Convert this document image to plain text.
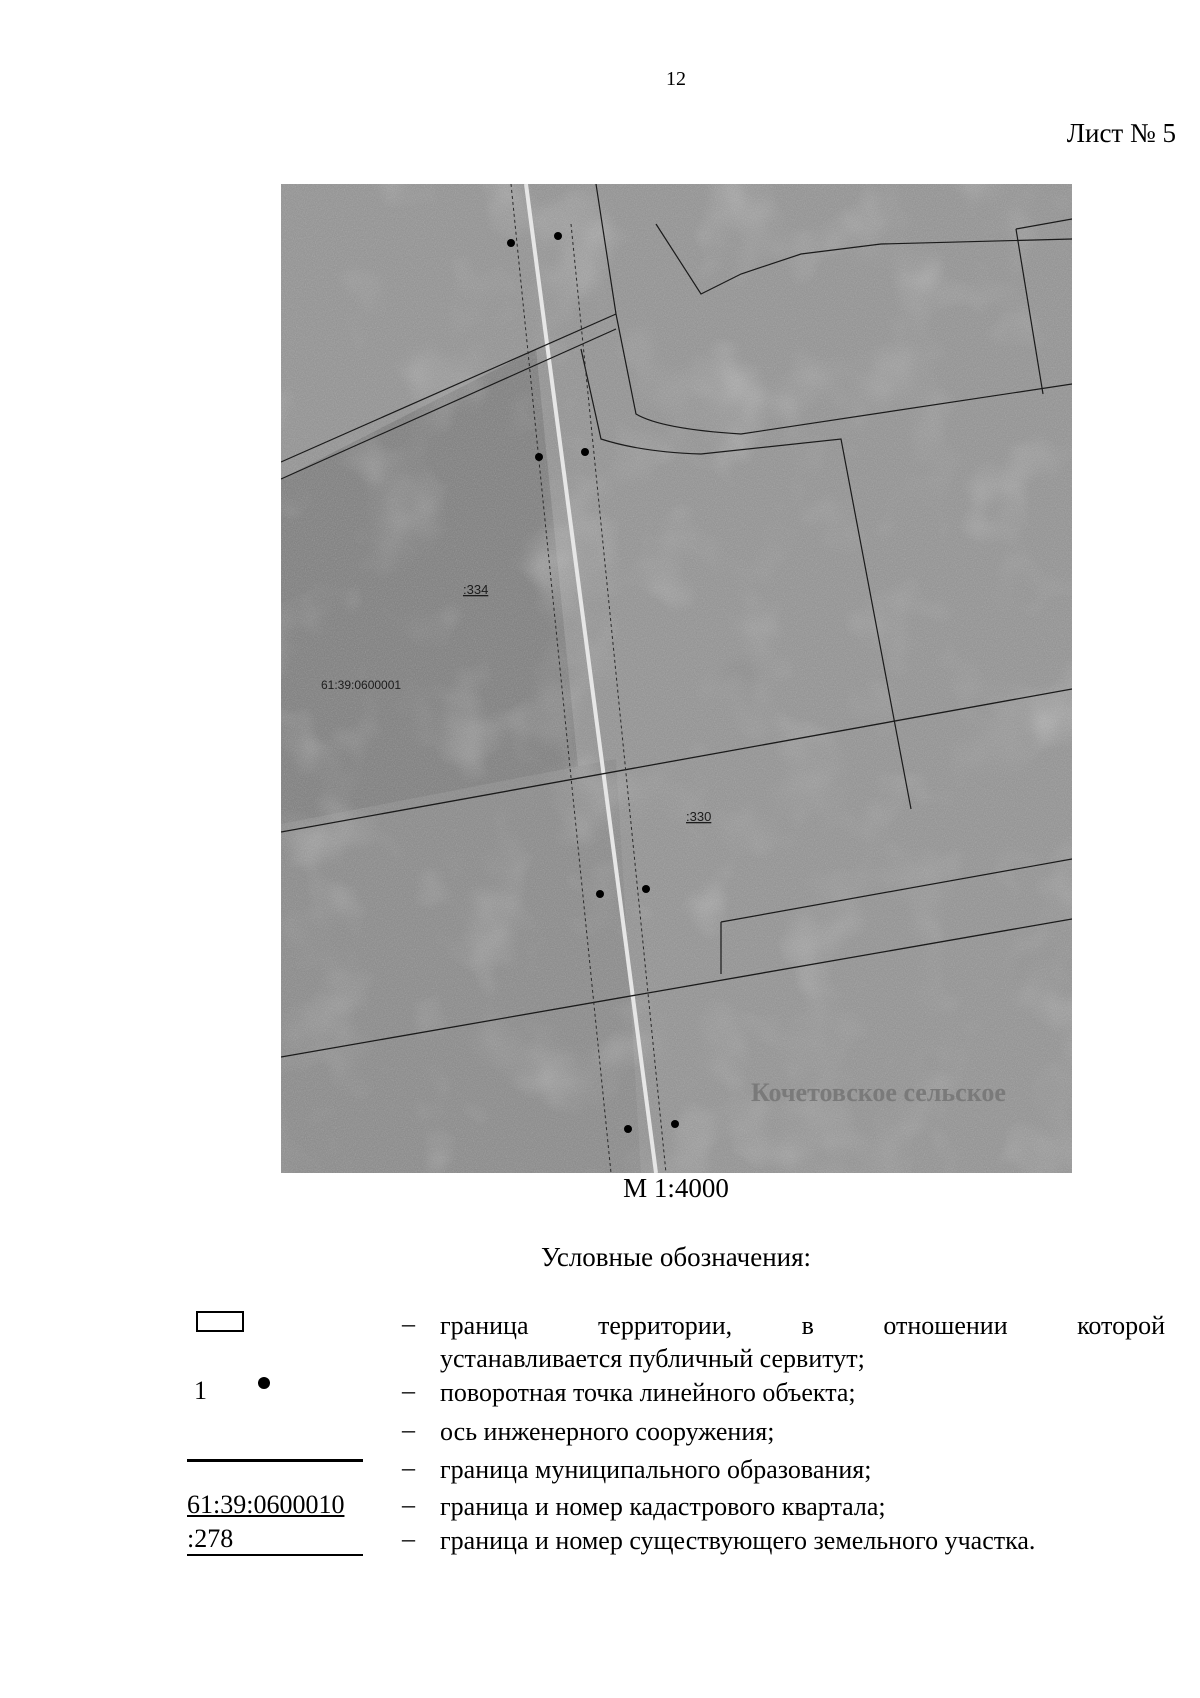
12
Лист № 5
61:39:0600001
:334
:330
Кочетовское сельское
М 1:4000
Условные обозначения:
– граница территории, в отношении которой
устанавливается публичный сервитут;
1	– поворотная точка линейного объекта;
– ось инженерного сооружения;
– граница муниципального образования;
61:39:0600010 – граница и номер кадастрового квартала;
:278	– граница и номер существующего земельного участка.
